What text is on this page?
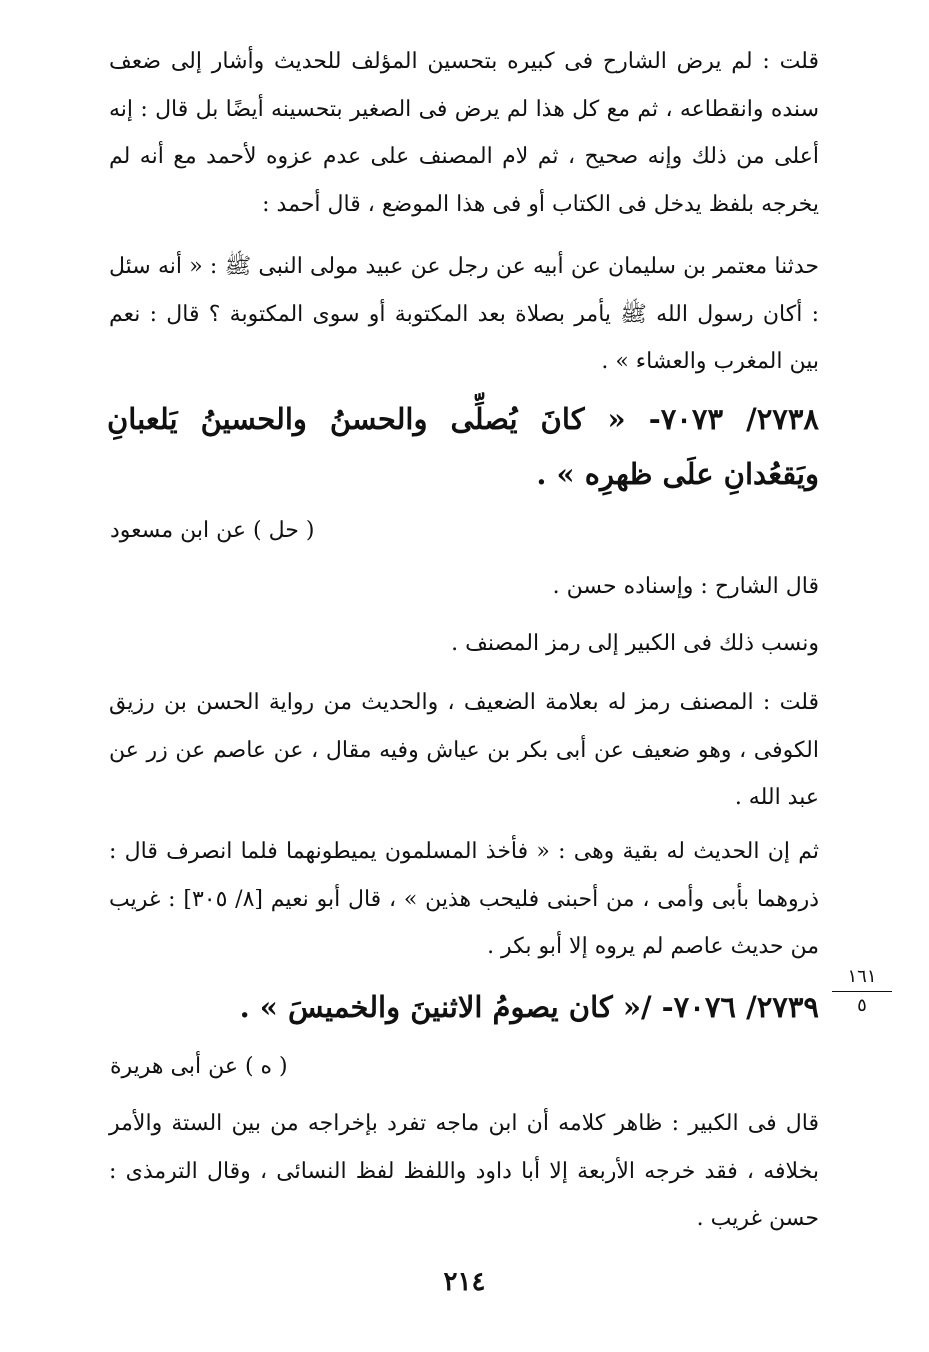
قلت : لم يرض الشارح فى كبيره بتحسين المؤلف للحديث وأشار إلى ضعف سنده وانقطاعه ، ثم مع كل هذا لم يرض فى الصغير بتحسينه أيضًا بل قال : إنه أعلى من ذلك وإنه صحيح ، ثم لام المصنف على عدم عزوه لأحمد مع أنه لم يخرجه بلفظ يدخل فى الكتاب أو فى هذا الموضع ، قال أحمد :

حدثنا معتمر بن سليمان عن أبيه عن رجل عن عبيد مولى النبى ﷺ : « أنه سئل : أكان رسول الله ﷺ يأمر بصلاة بعد المكتوبة أو سوى المكتوبة ؟ قال : نعم بين المغرب والعشاء » .

٢٧٣٨/ ٧٠٧٣- « كانَ يُصلِّى والحسنُ والحسينُ يَلعبانِ ويَقعُدانِ علَى ظهرِه » .

( حل ) عن ابن مسعود

قال الشارح : وإسناده حسن .

ونسب ذلك فى الكبير إلى رمز المصنف .

قلت : المصنف رمز له بعلامة الضعيف ، والحديث من رواية الحسن بن رزيق الكوفى ، وهو ضعيف عن أبى بكر بن عياش وفيه مقال ، عن عاصم عن زر عن عبد الله .

ثم إن الحديث له بقية وهى : « فأخذ المسلمون يميطونهما فلما انصرف قال : ذروهما بأبى وأمى ، من أحبنى فليحب هذين » ، قال أبو نعيم [٨/ ٣٠٥] : غريب من حديث عاصم لم يروه إلا أبو بكر .

٢٧٣٩/ ٧٠٧٦- /« كان يصومُ الاثنينَ والخميسَ » .

١٦١
٥

( ه ) عن أبى هريرة

قال فى الكبير : ظاهر كلامه أن ابن ماجه تفرد بإخراجه من بين الستة والأمر بخلافه ، فقد خرجه الأربعة إلا أبا داود واللفظ لفظ النسائى ، وقال الترمذى : حسن غريب .

٢١٤
